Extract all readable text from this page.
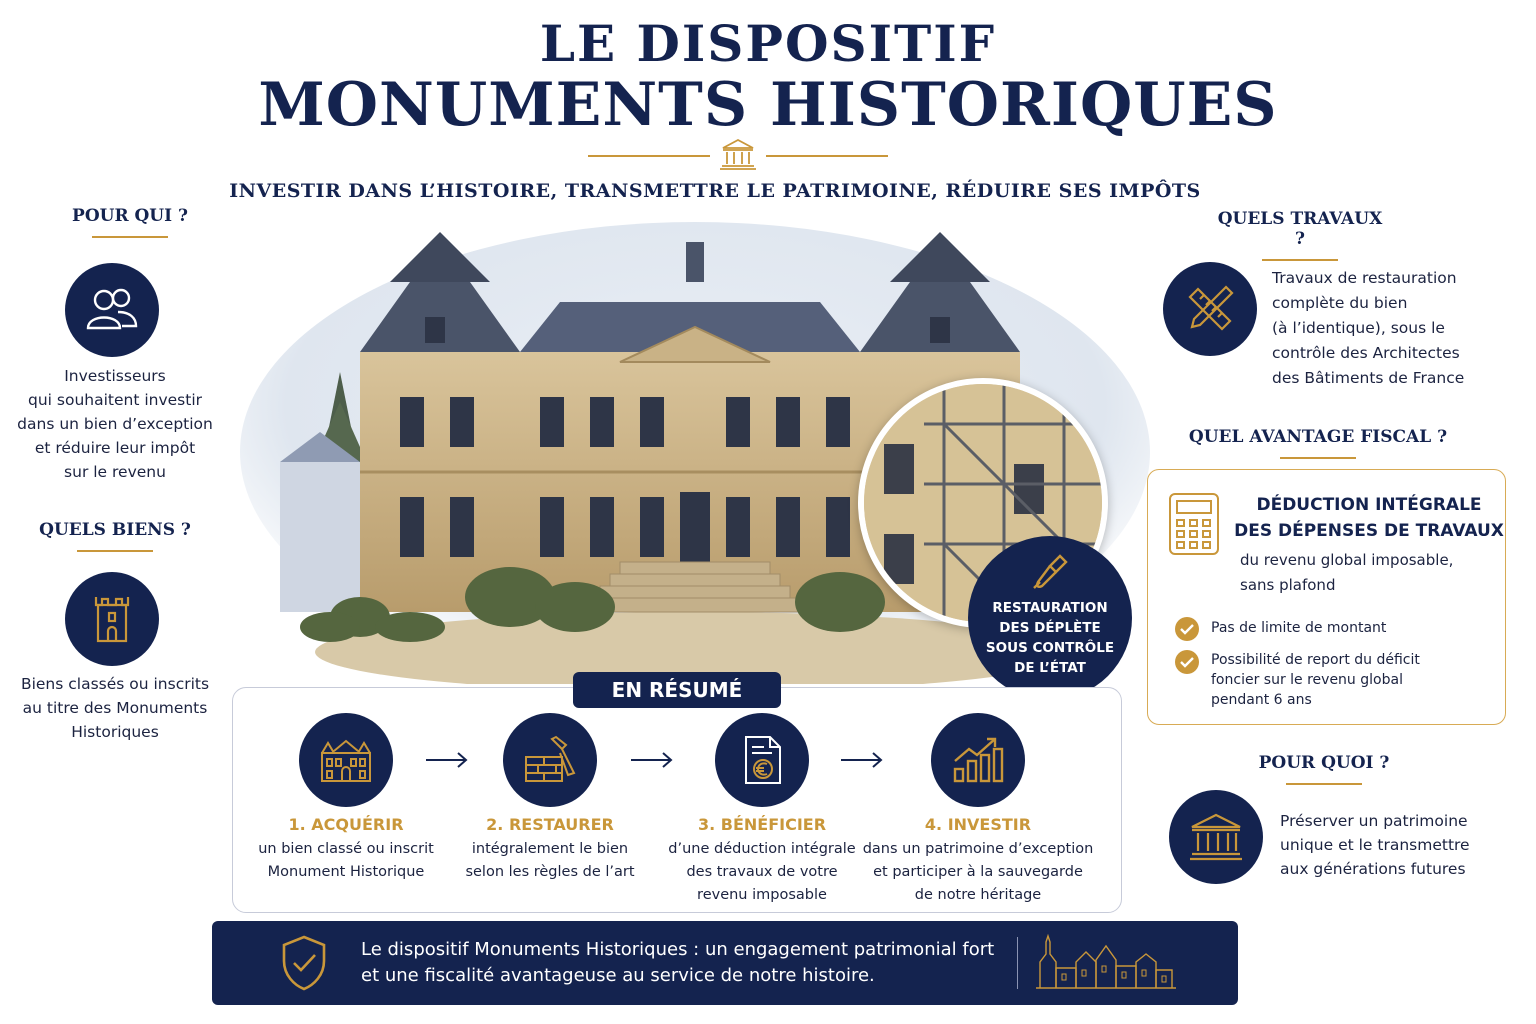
LE DISPOSITIF
MONUMENTS HISTORIQUES
INVESTIR DANS L’HISTOIRE, TRANSMETTRE LE PATRIMOINE, RÉDUIRE SES IMPÔTS
POUR QUI ?
Investisseurs
qui souhaitent investir
dans un bien d’exception
et réduire leur impôt
sur le revenu
QUELS BIENS ?
Biens classés ou inscrits
au titre des Monuments
Historiques
RESTAURATION
DES DÉPLÈTE
SOUS CONTRÔLE
DE L’ÉTAT
EN RÉSUMÉ
1. ACQUÉRIR
un bien classé ou inscrit
Monument Historique
2. RESTAURER
intégralement le bien
selon les règles de l’art
3. BÉNÉFICIER
d’une déduction intégrale
des travaux de votre
revenu imposable
4. INVESTIR
dans un patrimoine d’exception
et participer à la sauvegarde
de notre héritage
QUELS TRAVAUX ?
Travaux de restauration
complète du bien
(à l’identique), sous le
contrôle des Architectes
des Bâtiments de France
QUEL AVANTAGE FISCAL ?
DÉDUCTION INTÉGRALE
DES DÉPENSES DE TRAVAUX
du revenu global imposable,
sans plafond
Pas de limite de montant
Possibilité de report du déficit
foncier sur le revenu global
pendant 6 ans
POUR QUOI ?
Préserver un patrimoine
unique et le transmettre
aux générations futures
Le dispositif Monuments Historiques : un engagement patrimonial fort
et une fiscalité avantageuse au service de notre histoire.
